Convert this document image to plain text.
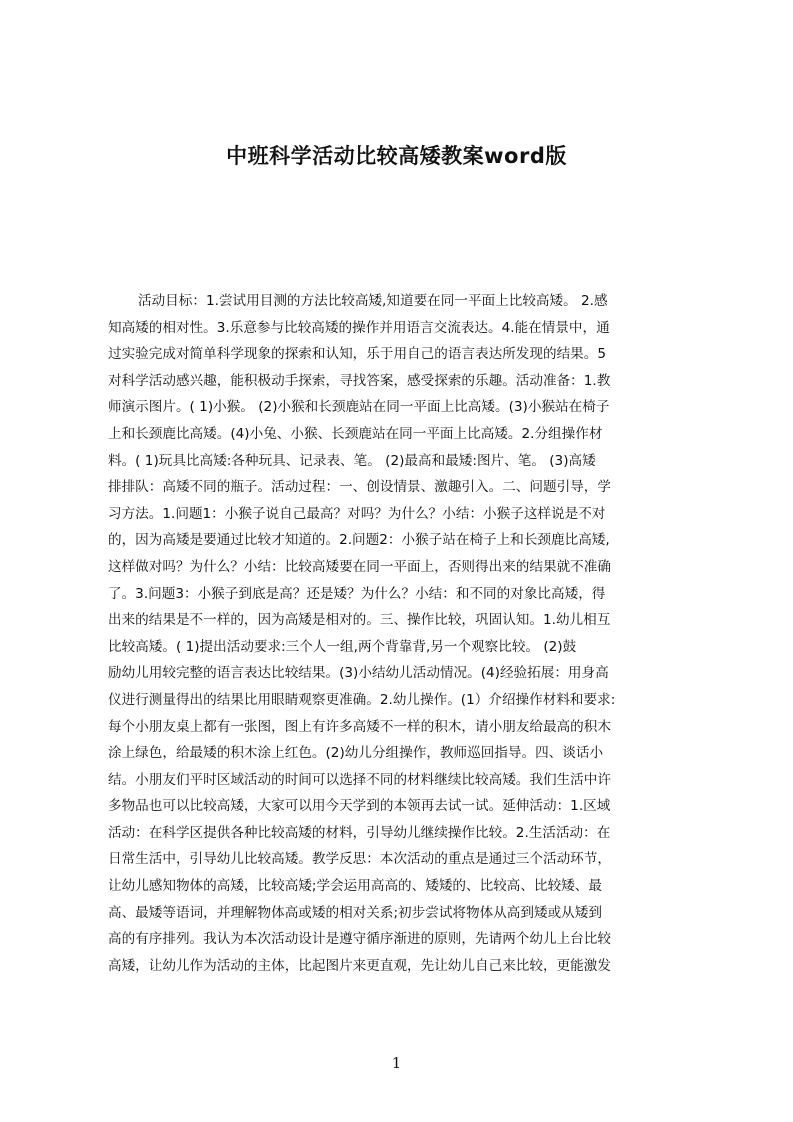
中班科学活动比较高矮教案word版
活动目标：1.尝试用目测的方法比较高矮,知道要在同一平面上比较高矮。 2.感
知高矮的相对性。3.乐意参与比较高矮的操作并用语言交流表达。4.能在情景中，通
过实验完成对简单科学现象的探索和认知，乐于用自己的语言表达所发现的结果。5
对科学活动感兴趣，能积极动手探索，寻找答案，感受探索的乐趣。活动准备：1.教
师演示图片。( 1)小猴。 (2)小猴和长颈鹿站在同一平面上比高矮。(3)小猴站在椅子
上和长颈鹿比高矮。(4)小兔、小猴、长颈鹿站在同一平面上比高矮。2.分组操作材
料。( 1)玩具比高矮:各种玩具、记录表、笔。 (2)最高和最矮:图片、笔。 (3)高矮
排排队：高矮不同的瓶子。活动过程：一、创设情景、激趣引入。二、问题引导，学
习方法。1.问题1：小猴子说自己最高？对吗？为什么？小结：小猴子这样说是不对
的，因为高矮是要通过比较才知道的。2.问题2：小猴子站在椅子上和长颈鹿比高矮,
这样做对吗？为什么？小结：比较高矮要在同一平面上，否则得出来的结果就不准确
了。3.问题3：小猴子到底是高？还是矮？为什么？小结：和不同的对象比高矮，得
出来的结果是不一样的，因为高矮是相对的。三、操作比较，巩固认知。1.幼儿相互
比较高矮。( 1)提出活动要求:三个人一组,两个背靠背,另一个观察比较。 (2)鼓
励幼儿用较完整的语言表达比较结果。(3)小结幼儿活动情况。(4)经验拓展：用身高
仪进行测量得出的结果比用眼睛观察更准确。2.幼儿操作。(1）介绍操作材料和要求:
每个小朋友桌上都有一张图，图上有许多高矮不一样的积木，请小朋友给最高的积木
涂上绿色，给最矮的积木涂上红色。(2)幼儿分组操作，教师巡回指导。四、谈话小
结。小朋友们平时区域活动的时间可以选择不同的材料继续比较高矮。我们生活中许
多物品也可以比较高矮，大家可以用今天学到的本领再去试一试。延伸活动：1.区域
活动：在科学区提供各种比较高矮的材料，引导幼儿继续操作比较。2.生活活动：在
日常生活中，引导幼儿比较高矮。教学反思：本次活动的重点是通过三个活动环节，
让幼儿感知物体的高矮，比较高矮;学会运用高高的、矮矮的、比较高、比较矮、最
高、最矮等语词，并理解物体高或矮的相对关系;初步尝试将物体从高到矮或从矮到
高的有序排列。我认为本次活动设计是遵守循序渐进的原则，先请两个幼儿上台比较
高矮，让幼儿作为活动的主体，比起图片来更直观，先让幼儿自己来比较，更能激发
1
